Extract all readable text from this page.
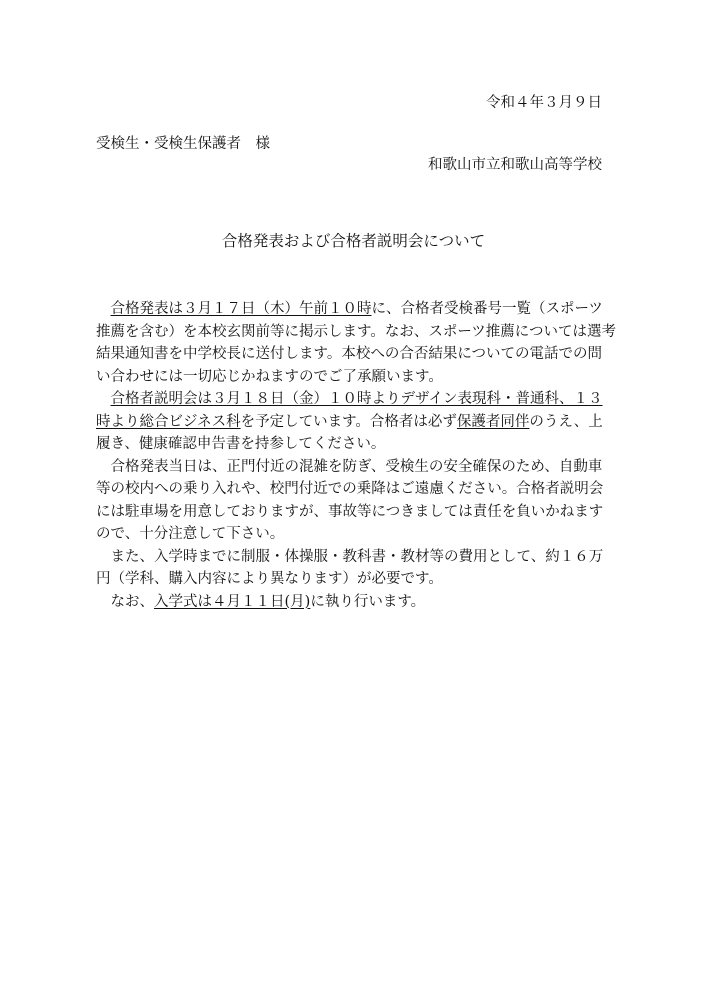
令和４年３月９日
受検生・受検生保護者　様
和歌山市立和歌山高等学校
合格発表および合格者説明会について

合格発表は３月１７日（木）午前１０時に、合格者受検番号一覧（スポーツ推薦を含む）を本校玄関前等に掲示します。なお、スポーツ推薦については選考結果通知書を中学校長に送付します。本校への合否結果についての電話での問い合わせには一切応じかねますのでご了承願います。

合格者説明会は３月１８日（金）１０時よりデザイン表現科・普通科、１３時より総合ビジネス科を予定しています。合格者は必ず保護者同伴のうえ、上履き、健康確認申告書を持参してください。

合格発表当日は、正門付近の混雑を防ぎ、受検生の安全確保のため、自動車等の校内への乗り入れや、校門付近での乗降はご遠慮ください。合格者説明会には駐車場を用意しておりますが、事故等につきましては責任を負いかねますので、十分注意して下さい。

また、入学時までに制服・体操服・教科書・教材等の費用として、約１６万円（学科、購入内容により異なります）が必要です。

なお、入学式は４月１１日(月)に執り行います。
